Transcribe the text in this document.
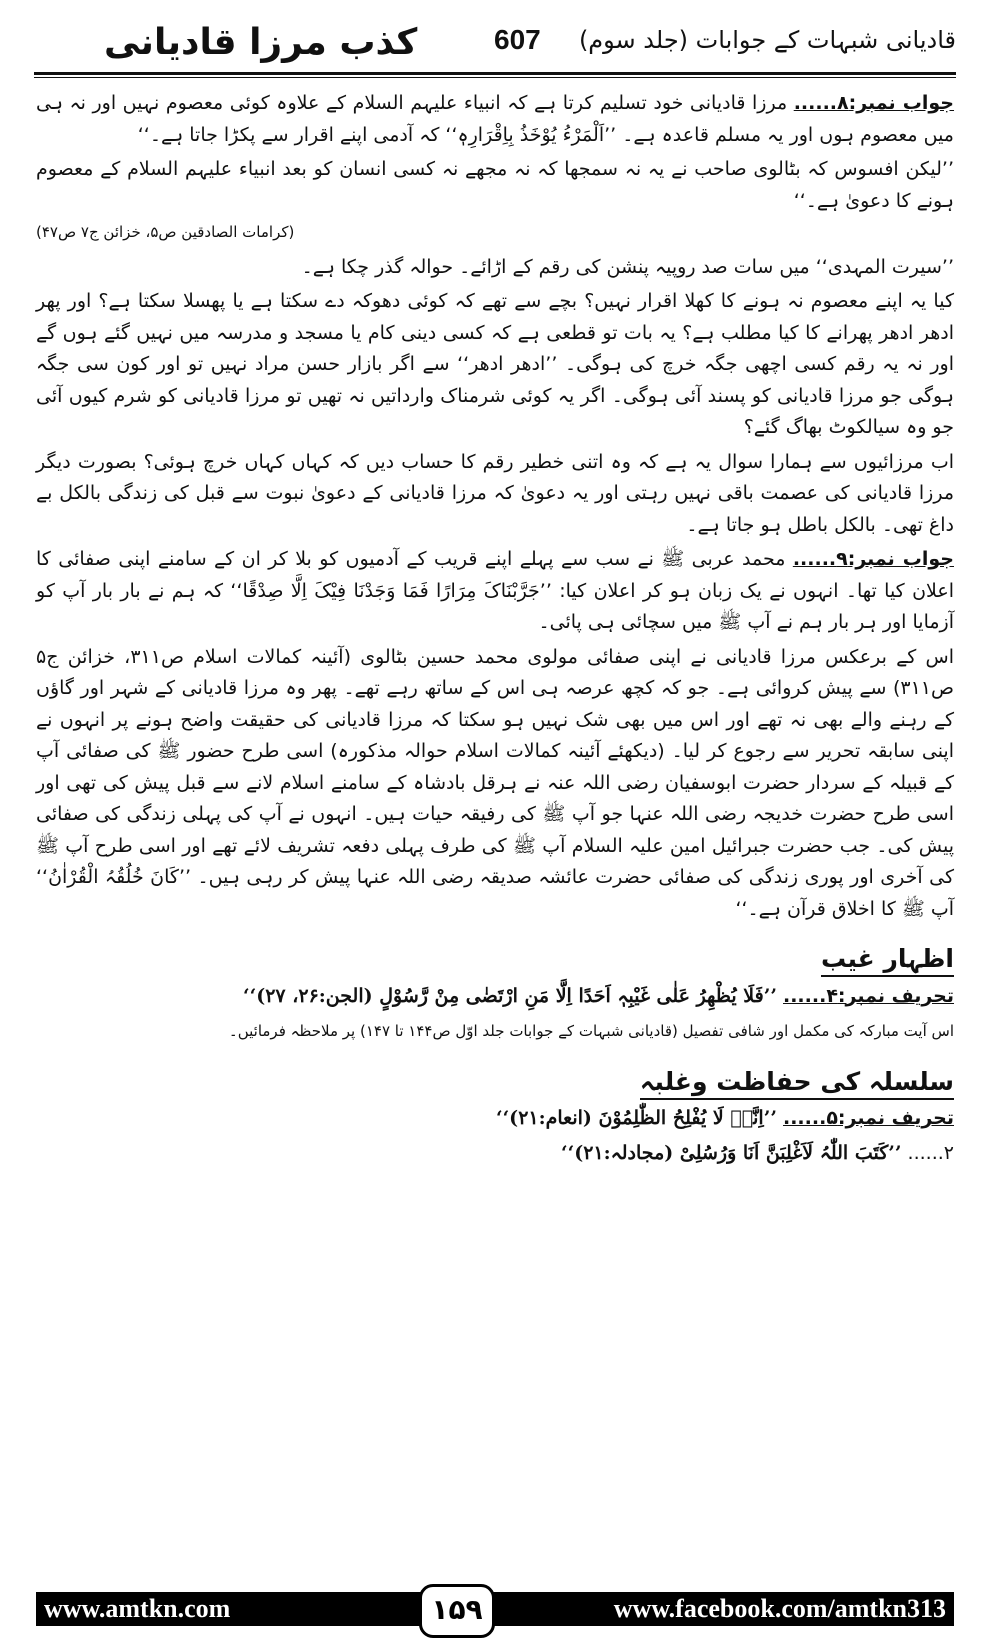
کذب مرزا قادیانی	607 قادیانی شبہات کے جوابات (جلد سوم)

جواب نمبر:۸...... مرزا قادیانی خود تسلیم کرتا ہے کہ انبیاء علیہم السلام کے علاوہ کوئی معصوم نہیں اور نہ ہی میں معصوم ہوں اور یہ مسلم قاعدہ ہے۔ ’’اَلْمَرْءُ یُوْخَذُ بِاِقْرَارِہٖ‘‘ کہ آدمی اپنے اقرار سے پکڑا جاتا ہے۔‘‘

’’لیکن افسوس کہ بٹالوی صاحب نے یہ نہ سمجھا کہ نہ مجھے نہ کسی انسان کو بعد انبیاء علیہم السلام کے معصوم ہونے کا دعویٰ ہے۔‘‘
(کرامات الصادقین ص۵، خزائن ج۷ ص۴۷)

’’سیرت المہدی‘‘ میں سات صد روپیہ پنشن کی رقم کے اڑائے۔ حوالہ گذر چکا ہے۔

کیا یہ اپنے معصوم نہ ہونے کا کھلا اقرار نہیں؟ بچے سے تھے کہ کوئی دھوکہ دے سکتا ہے یا پھسلا سکتا ہے؟ اور پھر ادھر ادھر پھرانے کا کیا مطلب ہے؟ یہ بات تو قطعی ہے کہ کسی دینی کام یا مسجد و مدرسہ میں نہیں گئے ہوں گے اور نہ یہ رقم کسی اچھی جگہ خرچ کی ہوگی۔ ’’ادھر ادھر‘‘ سے اگر بازار حسن مراد نہیں تو اور کون سی جگہ ہوگی جو مرزا قادیانی کو پسند آئی ہوگی۔ اگر یہ کوئی شرمناک وارداتیں نہ تھیں تو مرزا قادیانی کو شرم کیوں آئی جو وہ سیالکوٹ بھاگ گئے؟

اب مرزائیوں سے ہمارا سوال یہ ہے کہ وہ اتنی خطیر رقم کا حساب دیں کہ کہاں کہاں خرچ ہوئی؟ بصورت دیگر مرزا قادیانی کی عصمت باقی نہیں رہتی اور یہ دعویٰ کہ مرزا قادیانی کے دعویٰ نبوت سے قبل کی زندگی بالکل بے داغ تھی۔ بالکل باطل ہو جاتا ہے۔

جواب نمبر:۹...... محمد عربی ﷺ نے سب سے پہلے اپنے قریب کے آدمیوں کو بلا کر ان کے سامنے اپنی صفائی کا اعلان کیا تھا۔ انہوں نے یک زبان ہو کر اعلان کیا: ’’جَرَّبْنَاکَ مِرَارًا فَمَا وَجَدْنَا فِیْکَ اِلَّا صِدْقًا‘‘ کہ ہم نے بار بار آپ کو آزمایا اور ہر بار ہم نے آپ ﷺ میں سچائی ہی پائی۔

اس کے برعکس مرزا قادیانی نے اپنی صفائی مولوی محمد حسین بٹالوی (آئینہ کمالات اسلام ص۳۱۱، خزائن ج۵ ص۳۱۱) سے پیش کروائی ہے۔ جو کہ کچھ عرصہ ہی اس کے ساتھ رہے تھے۔ پھر وہ مرزا قادیانی کے شہر اور گاؤں کے رہنے والے بھی نہ تھے اور اس میں بھی شک نہیں ہو سکتا کہ مرزا قادیانی کی حقیقت واضح ہونے پر انہوں نے اپنی سابقہ تحریر سے رجوع کر لیا۔ (دیکھئے آئینہ کمالات اسلام حوالہ مذکورہ) اسی طرح حضور ﷺ کی صفائی آپ کے قبیلہ کے سردار حضرت ابوسفیان رضی اللہ عنہ نے ہرقل بادشاہ کے سامنے اسلام لانے سے قبل پیش کی تھی اور اسی طرح حضرت خدیجہ رضی اللہ عنہا جو آپ ﷺ کی رفیقہ حیات ہیں۔ انہوں نے آپ کی پہلی زندگی کی صفائی پیش کی۔ جب حضرت جبرائیل امین علیہ السلام آپ ﷺ کی طرف پہلی دفعہ تشریف لائے تھے اور اسی طرح آپ ﷺ کی آخری اور پوری زندگی کی صفائی حضرت عائشہ صدیقہ رضی اللہ عنہا پیش کر رہی ہیں۔ ’’کَانَ خُلُقُہُ الْقُرْاٰنُ‘‘ آپ ﷺ کا اخلاق قرآن ہے۔‘‘

اظہار غیب

تحریف نمبر:۴...... ’’فَلَا یُظْھِرُ عَلٰی غَیْبِہٖ اَحَدًا اِلَّا مَنِ ارْتَضٰی مِنْ رَّسُوْلٍ (الجن:۲۶، ۲۷)‘‘

اس آیت مبارکہ کی مکمل اور شافی تفصیل (قادیانی شبہات کے جوابات جلد اوّل ص۱۴۴ تا ۱۴۷) پر ملاحظہ فرمائیں۔

سلسلہ کی حفاظت وغلبہ

تحریف نمبر:۵...... ’’اِنَّہٗ لَا یُفْلِحُ الظّٰلِمُوْنَ (انعام:۲۱)‘‘

۲...... ’’کَتَبَ اللّٰہُ لَاَغْلِبَنَّ اَنَا وَرُسُلِیْ (مجادلہ:۲۱)‘‘

www.amtkn.com	۱۵۹	www.facebook.com/amtkn313
